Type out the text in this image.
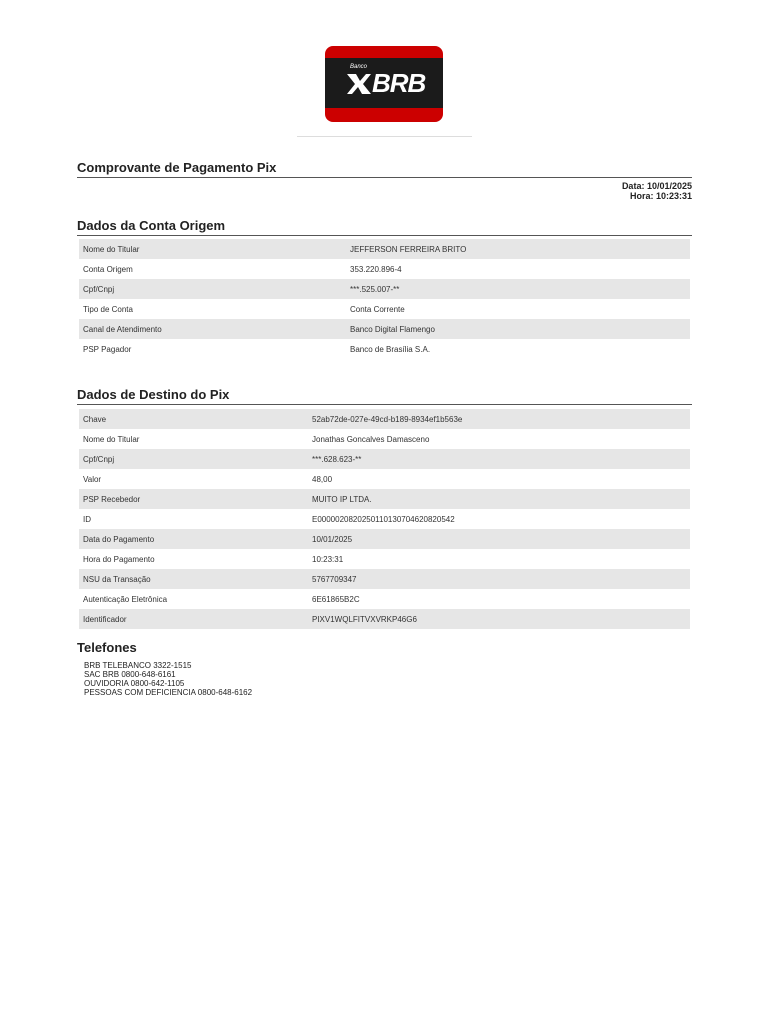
Banco
BRB
Comprovante de Pagamento Pix
Data: 10/01/2025
Hora: 10:23:31
Dados da Conta Origem
Nome do Titular	JEFFERSON FERREIRA BRITO
Conta Origem	353.220.896-4
Cpf/Cnpj	***.525.007-**
Tipo de Conta	Conta Corrente
Canal de Atendimento	Banco Digital Flamengo
PSP Pagador	Banco de Brasília S.A.
Dados de Destino do Pix
Chave	52ab72de-027e-49cd-b189-8934ef1b563e
Nome do Titular	Jonathas Goncalves Damasceno
Cpf/Cnpj	***.628.623-**
Valor	48,00
PSP Recebedor	MUITO IP LTDA.
ID	E0000020820250110130704620820542
Data do Pagamento	10/01/2025
Hora do Pagamento	10:23:31
NSU da Transação	5767709347
Autenticação Eletrônica	6E61865B2C
Identificador	PIXV1WQLFITVXVRKP46G6
Telefones
BRB TELEBANCO 3322-1515
SAC BRB 0800-648-6161
OUVIDORIA 0800-642-1105
PESSOAS COM DEFICIENCIA 0800-648-6162
